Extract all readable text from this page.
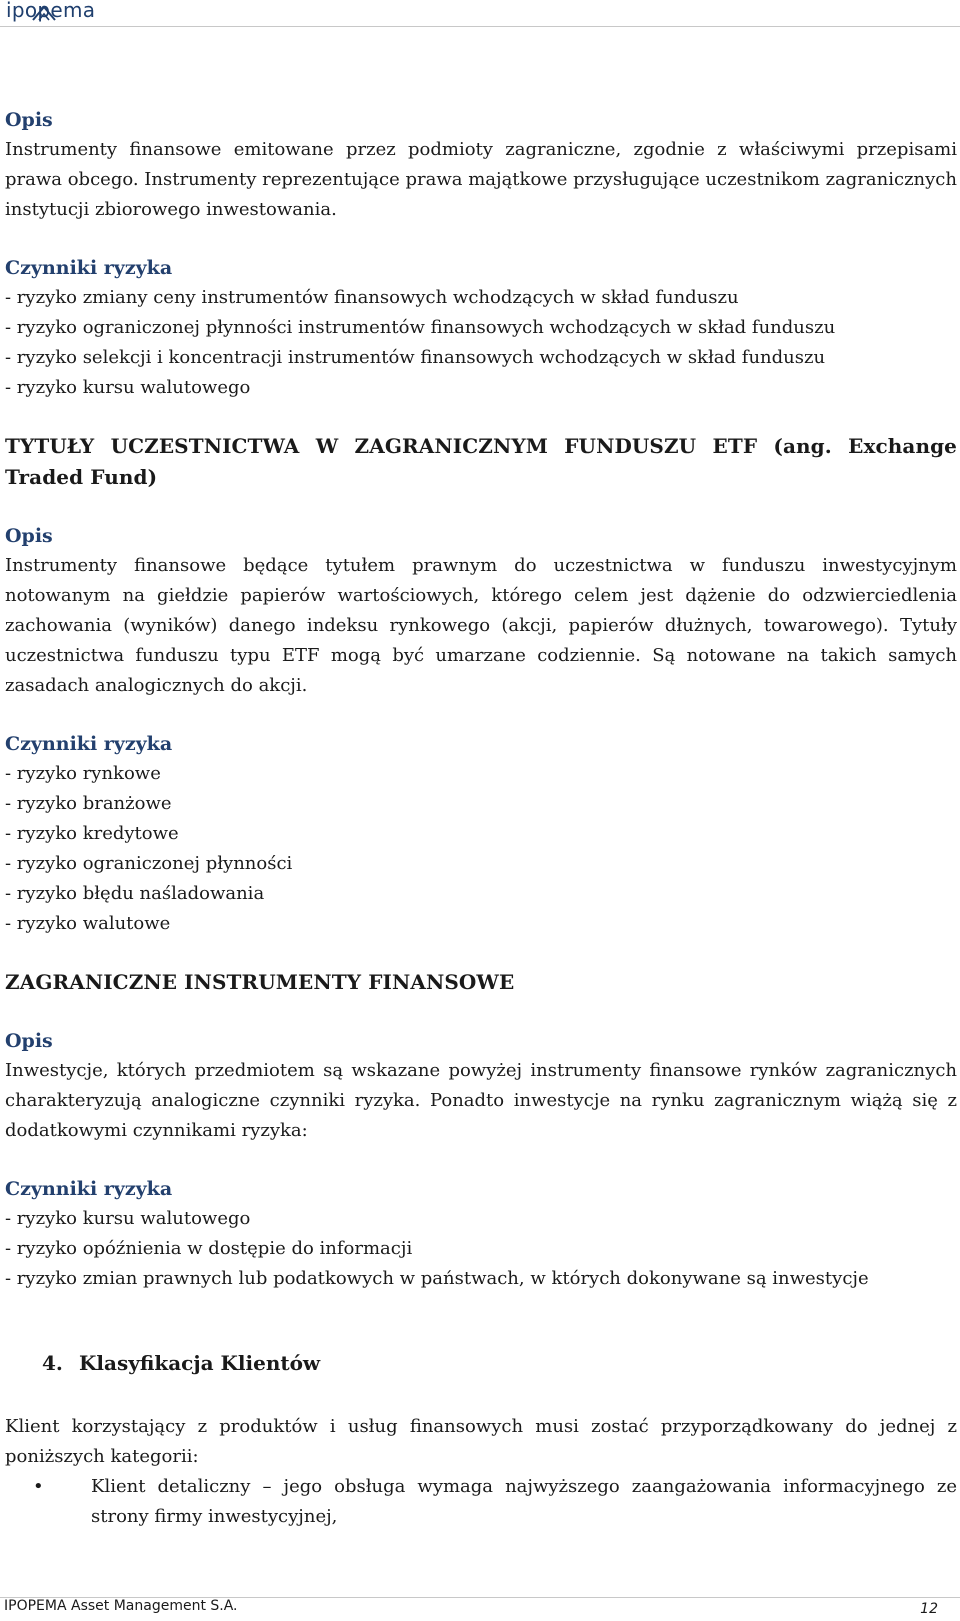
ipopema

Opis

Instrumenty finansowe emitowane przez podmioty zagraniczne, zgodnie z właściwymi przepisami prawa obcego. Instrumenty reprezentujące prawa majątkowe przysługujące uczestnikom zagranicznych instytucji zbiorowego inwestowania.

Czynniki ryzyka

- ryzyko zmiany ceny instrumentów finansowych wchodzących w skład funduszu

- ryzyko ograniczonej płynności instrumentów finansowych wchodzących w skład funduszu

- ryzyko selekcji i koncentracji instrumentów finansowych wchodzących w skład funduszu

- ryzyko kursu walutowego

TYTUŁY UCZESTNICTWA W ZAGRANICZNYM FUNDUSZU ETF (ang. Exchange Traded Fund)

Opis

Instrumenty finansowe będące tytułem prawnym do uczestnictwa w funduszu inwestycyjnym notowanym na giełdzie papierów wartościowych, którego celem jest dążenie do odzwierciedlenia zachowania (wyników) danego indeksu rynkowego (akcji, papierów dłużnych, towarowego). Tytuły uczestnictwa funduszu typu ETF mogą być umarzane codziennie. Są notowane na takich samych zasadach analogicznych do akcji.

Czynniki ryzyka

- ryzyko rynkowe

- ryzyko branżowe

- ryzyko kredytowe

- ryzyko ograniczonej płynności

- ryzyko błędu naśladowania

- ryzyko walutowe

ZAGRANICZNE INSTRUMENTY FINANSOWE

Opis

Inwestycje, których przedmiotem są wskazane powyżej instrumenty finansowe rynków zagranicznych charakteryzują analogiczne czynniki ryzyka. Ponadto inwestycje na rynku zagranicznym wiążą się z dodatkowymi czynnikami ryzyka:

Czynniki ryzyka

- ryzyko kursu walutowego

- ryzyko opóźnienia w dostępie do informacji

- ryzyko zmian prawnych lub podatkowych w państwach, w których dokonywane są inwestycje

4. Klasyfikacja Klientów

Klient korzystający z produktów i usług finansowych musi zostać przyporządkowany do jednej z poniższych kategorii:

•	Klient detaliczny – jego obsługa wymaga najwyższego zaangażowania informacyjnego ze strony firmy inwestycyjnej,
IPOPEMA Asset Management S.A.	12
